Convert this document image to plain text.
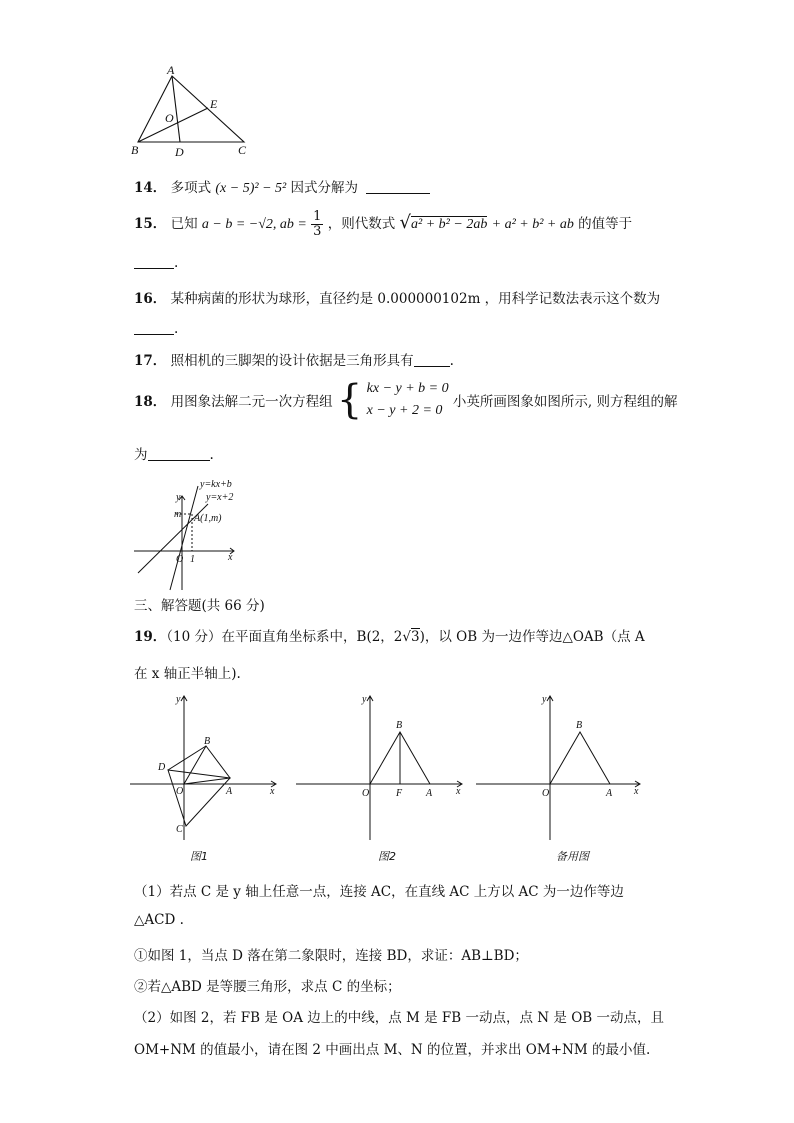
A
E
O
B	D	C
14． 多项式 (x − 5)² − 5² 因式分解为
15． 已知 a − b = −√2, ab = $\frac{1}{3}$ ，则代数式 √a² + b² − 2ab + a² + b² + ab 的值等于
.
16． 某种病菌的形状为球形，直径约是 0.000000102m ，用科学记数法表示这个数为
.
17． 照相机的三脚架的设计依据是三角形具有	.
18． 用图象法解二元一次方程组 { kx − y + b = 0
x − y + 2 = 0
小英所画图象如图所示, 则方程组的解
为	.
y=kx+b
y=x+2
A(1,m)
m
y
x
O 1
三、解答题(共 66 分)
19．（10 分）在平面直角坐标系中，B(2，2√3)，以 OB 为一边作等边△OAB（点 A
在 x 轴正半轴上).
y
x
B
D
O	A
C
图1
y
x
B
O	F A
图2
y
x
B
O	A
备用图
（1）若点 C 是 y 轴上任意一点，连接 AC，在直线 AC 上方以 AC 为一边作等边
△ACD .
①如图 1，当点 D 落在第二象限时，连接 BD，求证：AB⊥BD；
②若△ABD 是等腰三角形，求点 C 的坐标；
（2）如图 2，若 FB 是 OA 边上的中线，点 M 是 FB 一动点，点 N 是 OB 一动点，且
OM+NM 的值最小，请在图 2 中画出点 M、N 的位置，并求出 OM+NM 的最小值.
